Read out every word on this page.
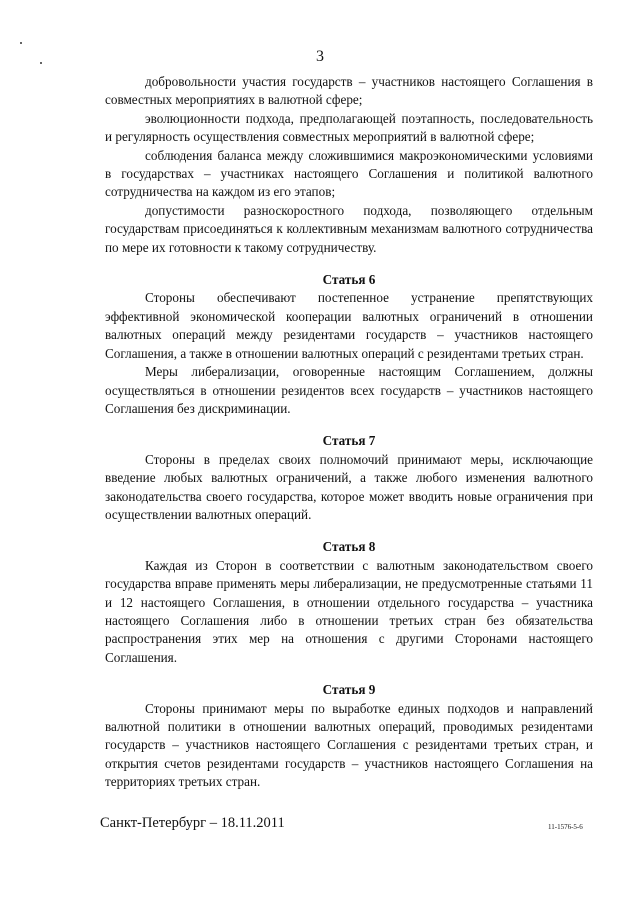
3

добровольности участия государств – участников настоящего Соглашения в совместных мероприятиях в валютной сфере;

эволюционности подхода, предполагающей поэтапность, последовательность и регулярность осуществления совместных мероприятий в валютной сфере;

соблюдения баланса между сложившимися макроэкономическими условиями в государствах – участниках настоящего Соглашения и политикой валютного сотрудничества на каждом из его этапов;

допустимости разноскоростного подхода, позволяющего отдельным государствам присоединяться к коллективным механизмам валютного сотрудничества по мере их готовности к такому сотрудничеству.

Статья 6

Стороны обеспечивают постепенное устранение препятствующих эффективной экономической кооперации валютных ограничений в отношении валютных операций между резидентами государств – участников настоящего Соглашения, а также в отношении валютных операций с резидентами третьих стран.

Меры либерализации, оговоренные настоящим Соглашением, должны осуществляться в отношении резидентов всех государств – участников настоящего Соглашения без дискриминации.

Статья 7

Стороны в пределах своих полномочий принимают меры, исключающие введение любых валютных ограничений, а также любого изменения валютного законодательства своего государства, которое может вводить новые ограничения при осуществлении валютных операций.

Статья 8

Каждая из Сторон в соответствии с валютным законодательством своего государства вправе применять меры либерализации, не предусмотренные статьями 11 и 12 настоящего Соглашения, в отношении отдельного государства – участника настоящего Соглашения либо в отношении третьих стран без обязательства распространения этих мер на отношения с другими Сторонами настоящего Соглашения.

Статья 9

Стороны принимают меры по выработке единых подходов и направлений валютной политики в отношении валютных операций, проводимых резидентами государств – участников настоящего Соглашения с резидентами третьих стран, и открытия счетов резидентами государств – участников настоящего Соглашения на территориях третьих стран.

Санкт-Петербург – 18.11.2011	11-1576-5-6
